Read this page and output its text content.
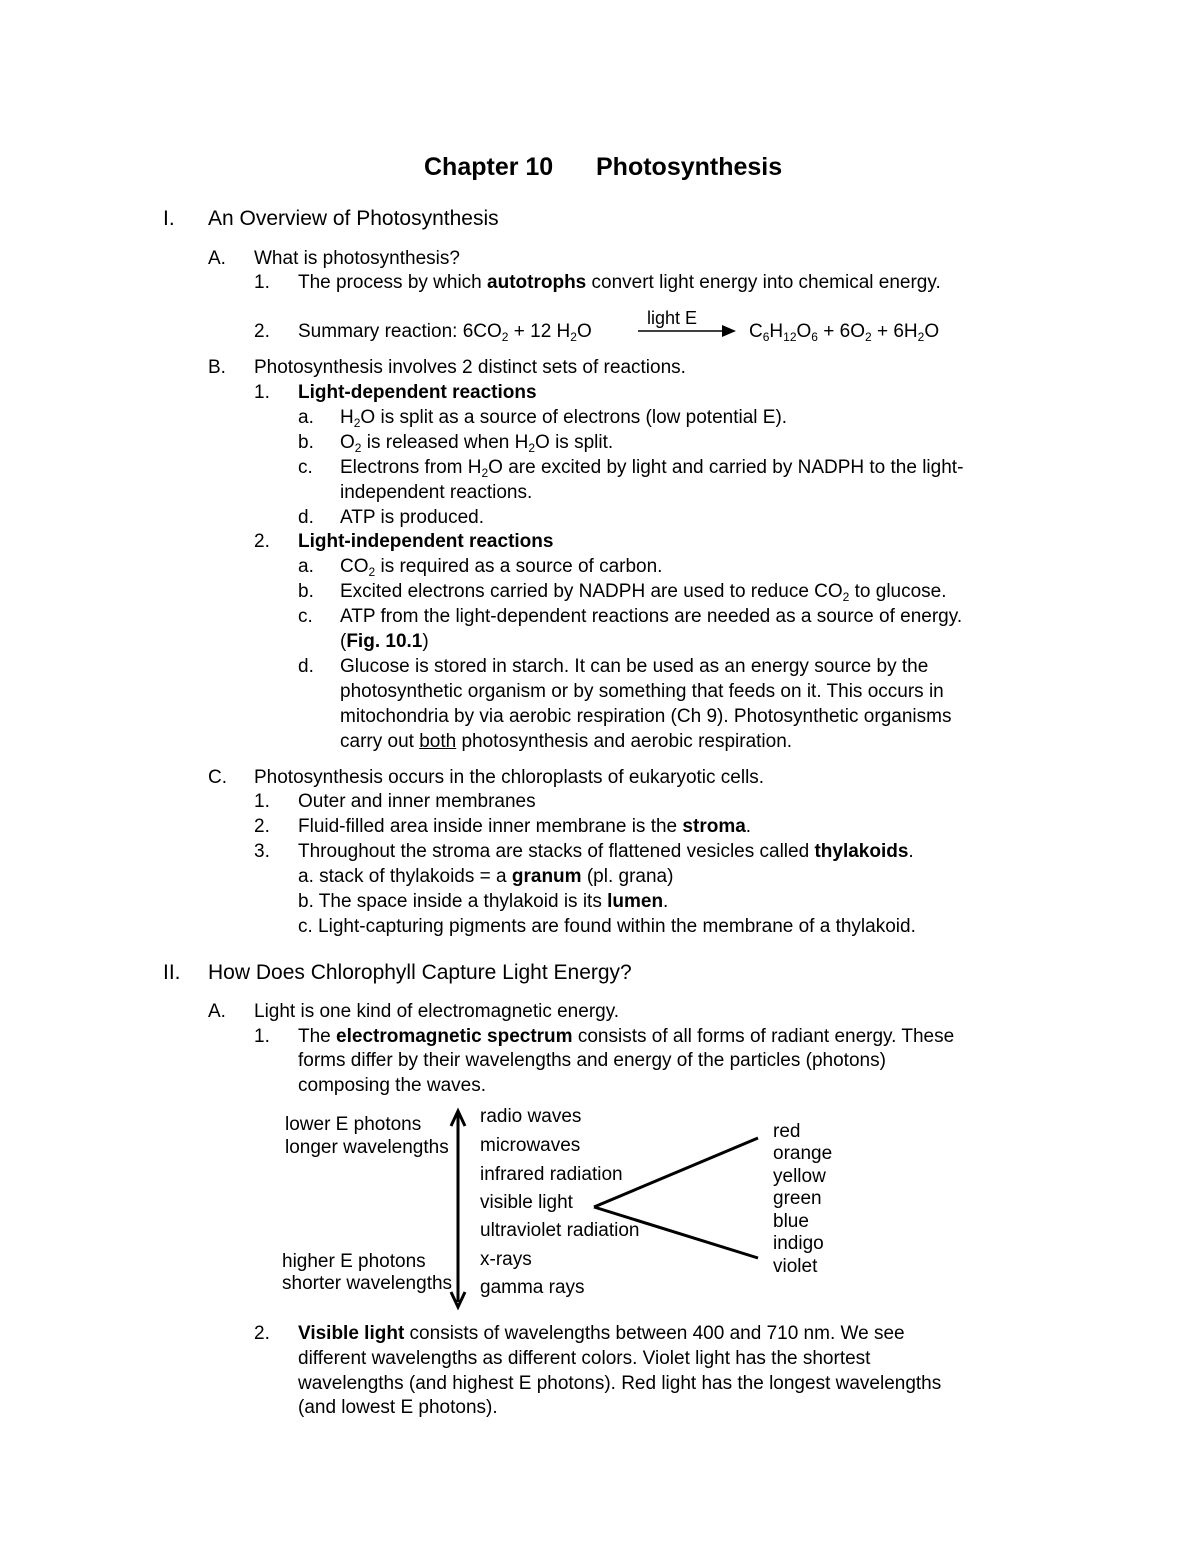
Chapter 10 Photosynthesis
I. An Overview of Photosynthesis
A. What is photosynthesis?
1. The process by which autotrophs convert light energy into chemical energy.
2. Summary reaction: $6CO_2 + 12$ $H_2O$
light E
$C_6H_{12}O_6 + 6O_2 + 6H_2O$
B. Photosynthesis involves 2 distinct sets of reactions.
1. Light-dependent reactions
a. $H_2O$ is split as a source of electrons (low potential E).
b. $O_2$ is released when $H_2O$ is split.
c. Electrons from $H_2O$ are excited by light and carried by NADPH to the light-
independent reactions.
d. ATP is produced.
2. Light-independent reactions
a. $CO_2$ is required as a source of carbon.
b. Excited electrons carried by NADPH are used to reduce $CO_2$ to glucose.
c. ATP from the light-dependent reactions are needed as a source of energy.
(Fig. 10.1)
d. Glucose is stored in starch. It can be used as an energy source by the
photosynthetic organism or by something that feeds on it. This occurs in
mitochondria by via aerobic respiration (Ch 9). Photosynthetic organisms
carry out both photosynthesis and aerobic respiration.
C. Photosynthesis occurs in the chloroplasts of eukaryotic cells.
1. Outer and inner membranes
2. Fluid-filled area inside inner membrane is the stroma.
3. Throughout the stroma are stacks of flattened vesicles called thylakoids.
a. stack of thylakoids = a granum (pl. grana)
b. The space inside a thylakoid is its lumen.
c. Light-capturing pigments are found within the membrane of a thylakoid.
II. How Does Chlorophyll Capture Light Energy?
A. Light is one kind of electromagnetic energy.
1. The electromagnetic spectrum consists of all forms of radiant energy. These
forms differ by their wavelengths and energy of the particles (photons)
composing the waves.
lower E photons
longer wavelengths
higher E photons
shorter wavelengths
radio waves
microwaves
infrared radiation
visible light
ultraviolet radiation
x-rays
gamma rays
red
orange
yellow
green
blue
indigo
violet
2. Visible light consists of wavelengths between 400 and 710 nm. We see
different wavelengths as different colors. Violet light has the shortest
wavelengths (and highest E photons). Red light has the longest wavelengths
(and lowest E photons).
